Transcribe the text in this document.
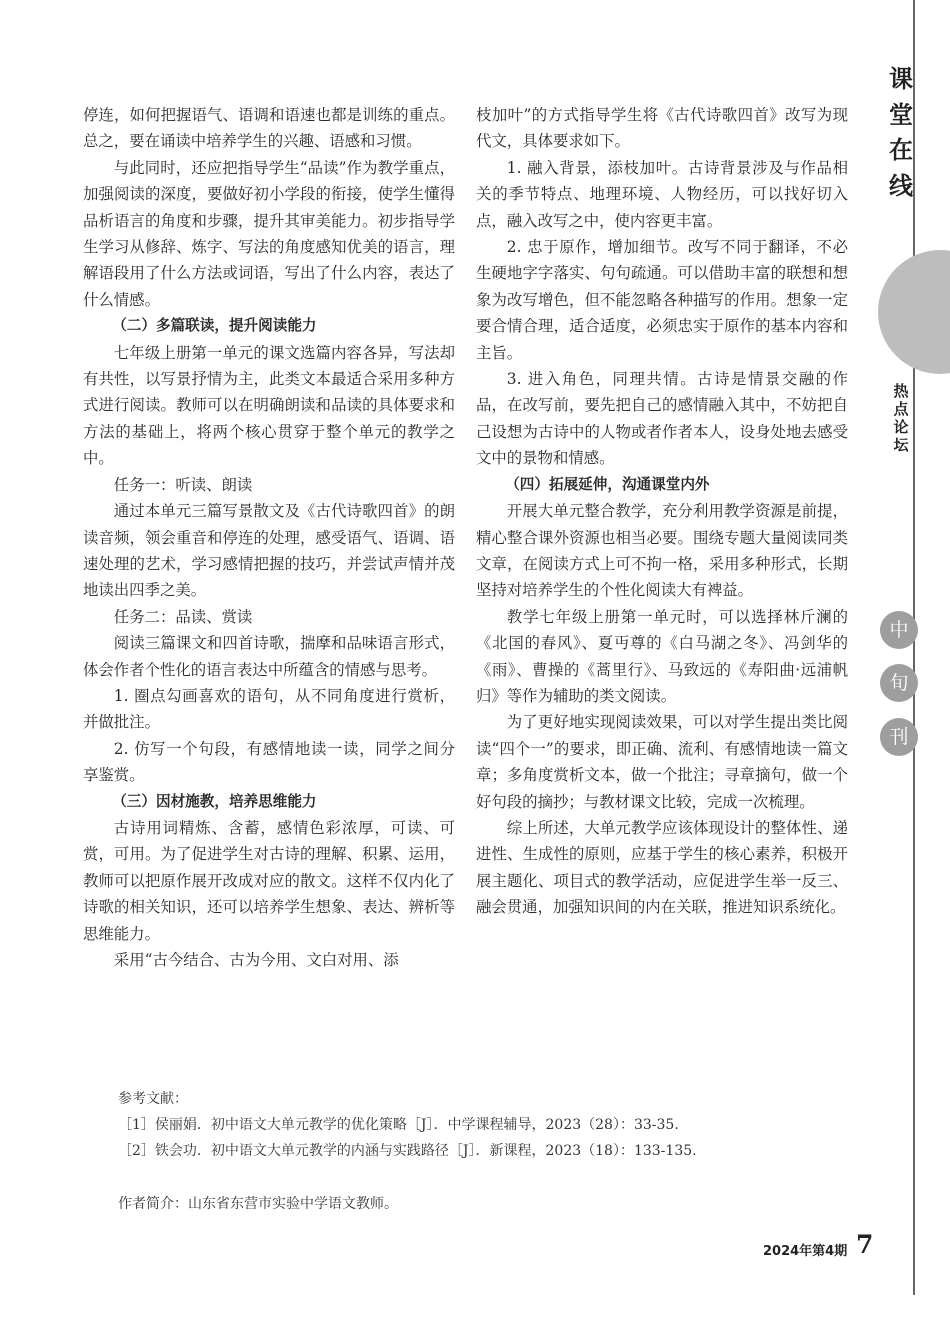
停连，如何把握语气、语调和语速也都是训练的重点。总之，要在诵读中培养学生的兴趣、语感和习惯。

与此同时，还应把指导学生“品读”作为教学重点，加强阅读的深度，要做好初小学段的衔接，使学生懂得品析语言的角度和步骤，提升其审美能力。初步指导学生学习从修辞、炼字、写法的角度感知优美的语言，理解语段用了什么方法或词语，写出了什么内容，表达了什么情感。

（二）多篇联读，提升阅读能力

七年级上册第一单元的课文选篇内容各异，写法却有共性，以写景抒情为主，此类文本最适合采用多种方式进行阅读。教师可以在明确朗读和品读的具体要求和方法的基础上，将两个核心贯穿于整个单元的教学之中。

任务一：听读、朗读

通过本单元三篇写景散文及《古代诗歌四首》的朗读音频，领会重音和停连的处理，感受语气、语调、语速处理的艺术，学习感情把握的技巧，并尝试声情并茂地读出四季之美。

任务二：品读、赏读

阅读三篇课文和四首诗歌，揣摩和品味语言形式，体会作者个性化的语言表达中所蕴含的情感与思考。

1. 圈点勾画喜欢的语句，从不同角度进行赏析，并做批注。

2. 仿写一个句段，有感情地读一读，同学之间分享鉴赏。

（三）因材施教，培养思维能力

古诗用词精炼、含蓄，感情色彩浓厚，可读、可赏，可用。为了促进学生对古诗的理解、积累、运用，教师可以把原作展开改成对应的散文。这样不仅内化了诗歌的相关知识，还可以培养学生想象、表达、辨析等思维能力。

采用“古今结合、古为今用、文白对用、添

枝加叶”的方式指导学生将《古代诗歌四首》改写为现代文，具体要求如下。

1. 融入背景，添枝加叶。古诗背景涉及与作品相关的季节特点、地理环境、人物经历，可以找好切入点，融入改写之中，使内容更丰富。

2. 忠于原作，增加细节。改写不同于翻译，不必生硬地字字落实、句句疏通。可以借助丰富的联想和想象为改写增色，但不能忽略各种描写的作用。想象一定要合情合理，适合适度，必须忠实于原作的基本内容和主旨。

3. 进入角色，同理共情。古诗是情景交融的作品，在改写前，要先把自己的感情融入其中，不妨把自己设想为古诗中的人物或者作者本人，设身处地去感受文中的景物和情感。

（四）拓展延伸，沟通课堂内外

开展大单元整合教学，充分利用教学资源是前提，精心整合课外资源也相当必要。围绕专题大量阅读同类文章，在阅读方式上可不拘一格，采用多种形式，长期坚持对培养学生的个性化阅读大有裨益。

教学七年级上册第一单元时，可以选择林斤澜的《北国的春风》、夏丏尊的《白马湖之冬》、冯剑华的《雨》、曹操的《蒿里行》、马致远的《寿阳曲·远浦帆归》等作为辅助的类文阅读。

为了更好地实现阅读效果，可以对学生提出类比阅读“四个一”的要求，即正确、流利、有感情地读一篇文章；多角度赏析文本，做一个批注；寻章摘句，做一个好句段的摘抄；与教材课文比较，完成一次梳理。

综上所述，大单元教学应该体现设计的整体性、递进性、生成性的原则，应基于学生的核心素养，积极开展主题化、项目式的教学活动，应促进学生举一反三、融会贯通，加强知识间的内在关联，推进知识系统化。

参考文献：

［1］侯丽娟．初中语文大单元教学的优化策略［J］．中学课程辅导，2023（28）：33-35.

［2］铁会功．初中语文大单元教学的内涵与实践路径［J］．新课程，2023（18）：133-135.

作者简介：山东省东营市实验中学语文教师。
课
堂
在
线
热
点
论
坛
中
旬
刊
2024年第4期 7
